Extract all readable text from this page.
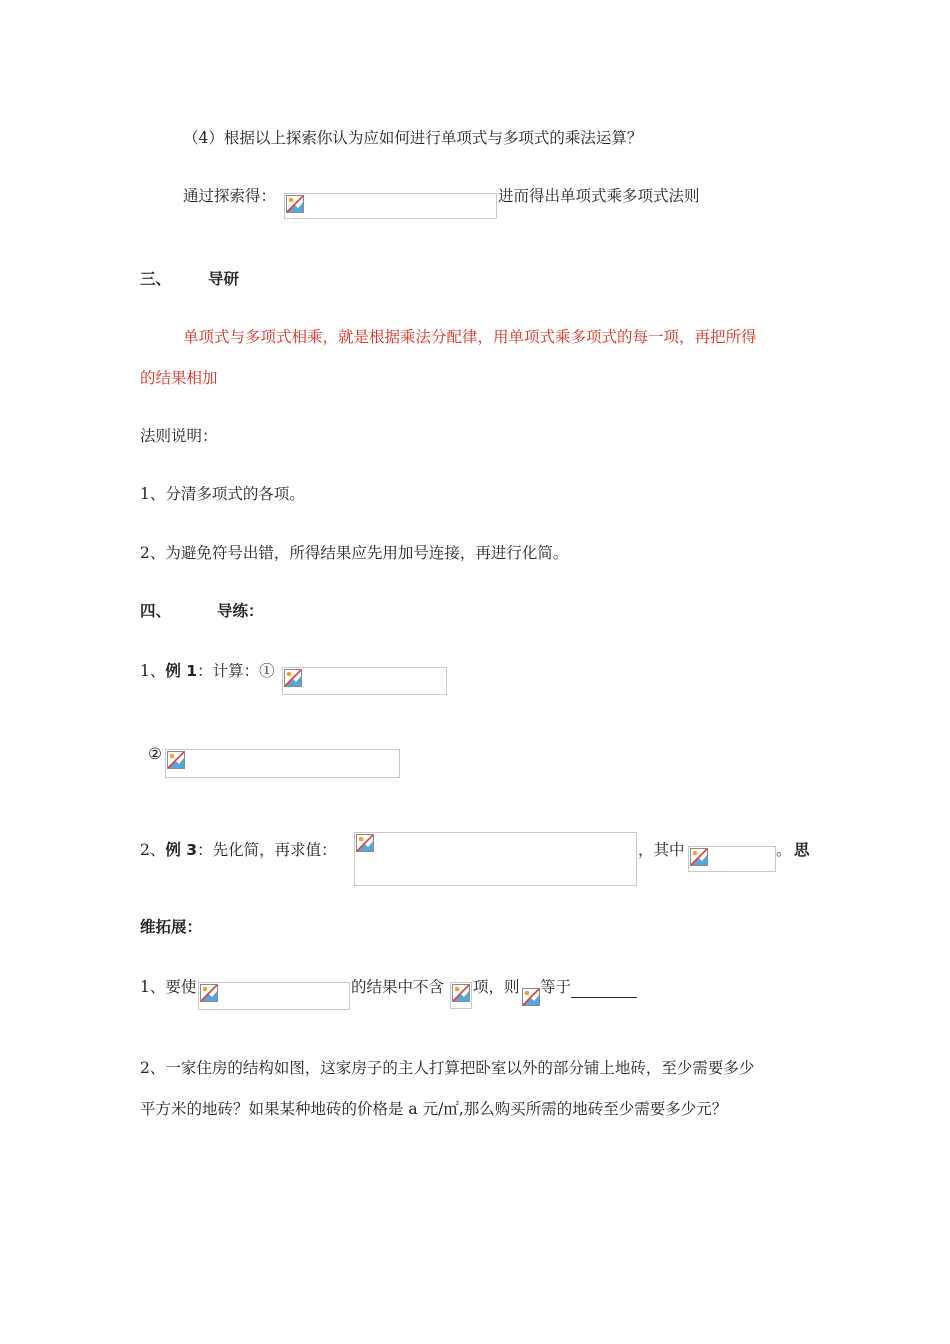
（4）根据以上探索你认为应如何进行单项式与多项式的乘法运算？
通过探索得：	进而得出单项式乘多项式法则
三、 导研
单项式与多项式相乘，就是根据乘法分配律，用单项式乘多项式的每一项，再把所得
的结果相加
法则说明：
1、分清多项式的各项。
2、为避免符号出错，所得结果应先用加号连接，再进行化简。
四、	导练：
1、例 1：计算：①
②
2、例 3：先化简，再求值：	，其中	。 思
维拓展：
1、要使	的结果中不含 项，则 等于
2、一家住房的结构如图，这家房子的主人打算把卧室以外的部分铺上地砖，至少需要多少
平方米的地砖？如果某种地砖的价格是 a 元/㎡,那么购买所需的地砖至少需要多少元？
